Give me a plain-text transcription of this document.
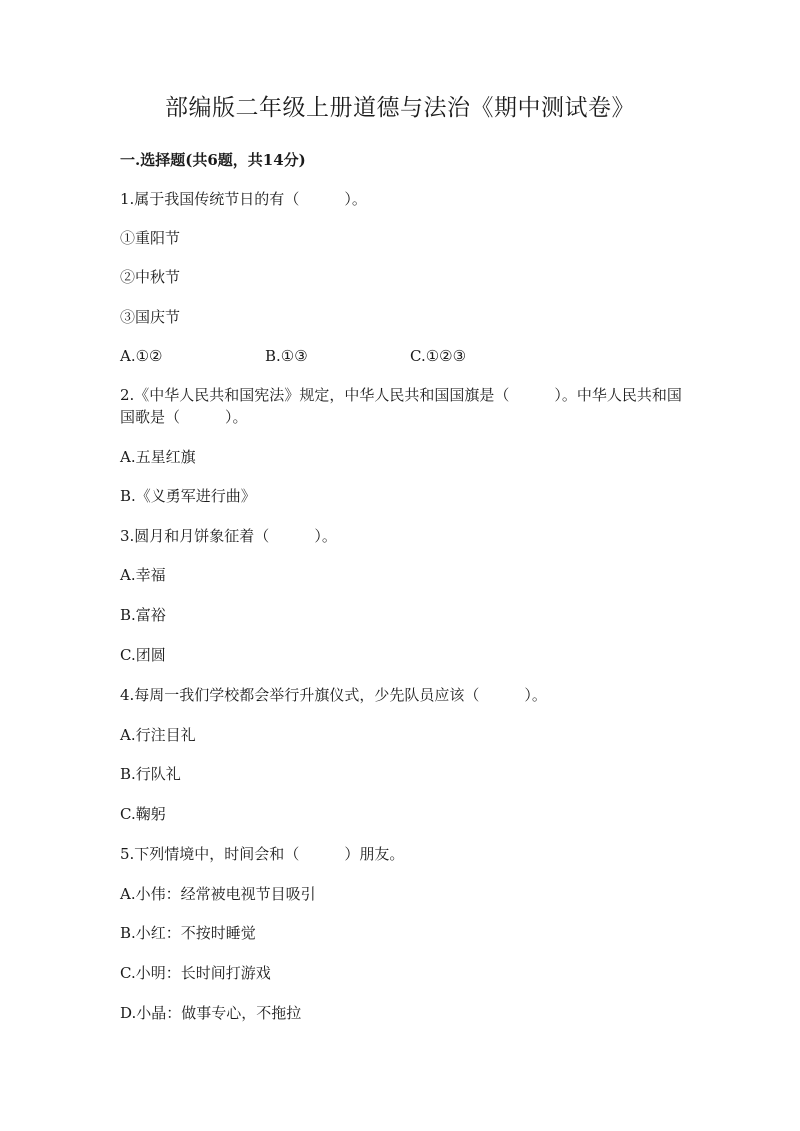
部编版二年级上册道德与法治《期中测试卷》
一.选择题(共6题，共14分)
1.属于我国传统节日的有（　　　）。
①重阳节
②中秋节
③国庆节
A.①②	B.①③	C.①②③
2.《中华人民共和国宪法》规定，中华人民共和国国旗是（　　　）。中华人民共和国国歌是（　　　）。
A.五星红旗
B.《义勇军进行曲》
3.圆月和月饼象征着（　　　）。
A.幸福
B.富裕
C.团圆
4.每周一我们学校都会举行升旗仪式，少先队员应该（　　　）。
A.行注目礼
B.行队礼
C.鞠躬
5.下列情境中，时间会和（　　　）朋友。
A.小伟：经常被电视节目吸引
B.小红：不按时睡觉
C.小明：长时间打游戏
D.小晶：做事专心，不拖拉
